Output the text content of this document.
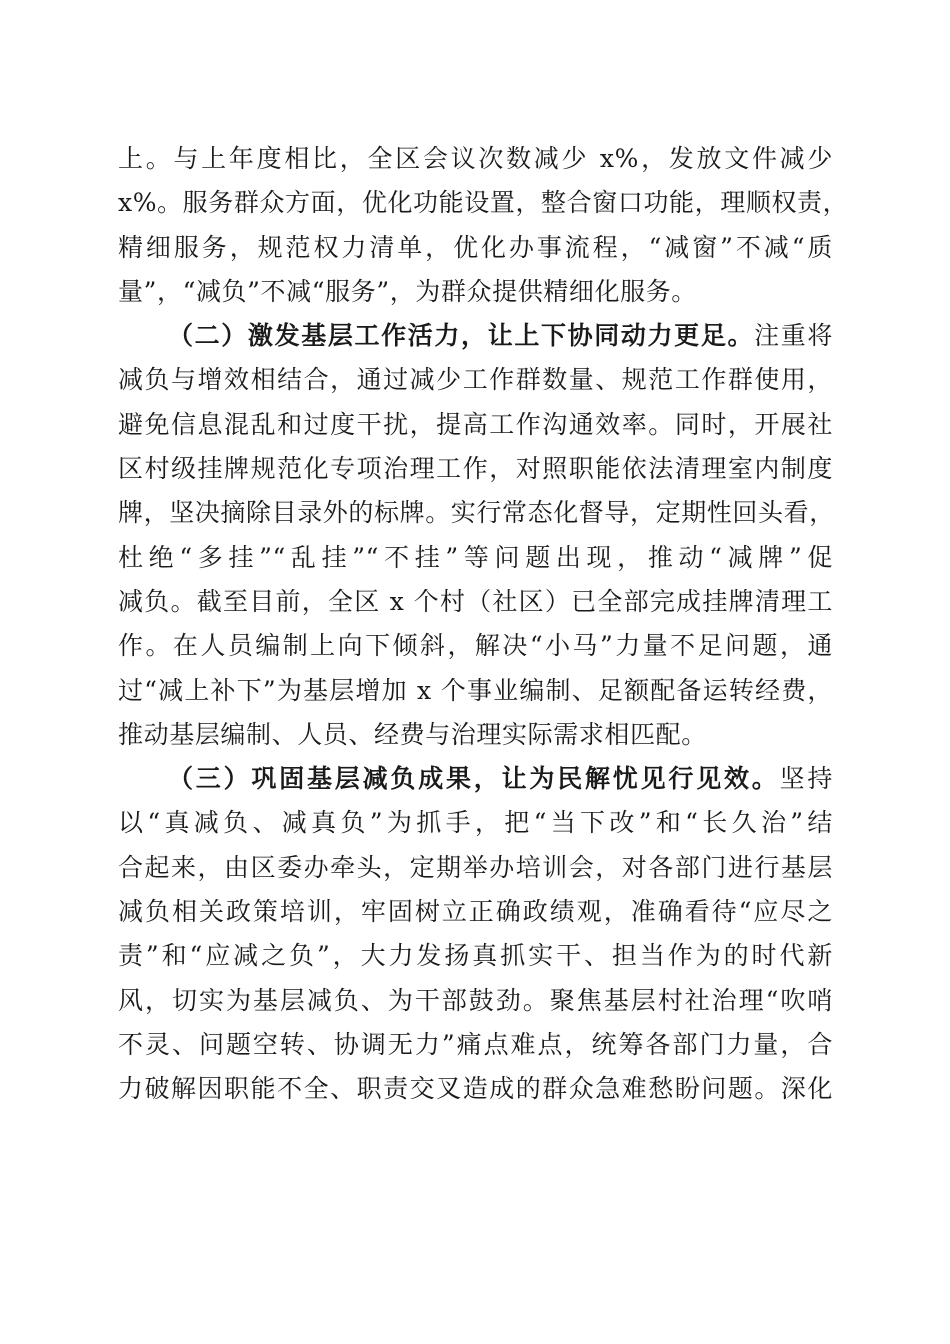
上。与上年度相比，全区会议次数减少 x%，发放文件减少
x%。服务群众方面，优化功能设置，整合窗口功能，理顺权责，
精细服务，规范权力清单，优化办事流程，“减窗”不减“质
量”，“减负”不减“服务”，为群众提供精细化服务。
（二）激发基层工作活力，让上下协同动力更足。注重将
减负与增效相结合，通过减少工作群数量、规范工作群使用，
避免信息混乱和过度干扰，提高工作沟通效率。同时，开展社
区村级挂牌规范化专项治理工作，对照职能依法清理室内制度
牌，坚决摘除目录外的标牌。实行常态化督导，定期性回头看，
杜绝“多挂”“乱挂”“不挂”等问题出现，推动“减牌”促
减负。截至目前，全区 x 个村（社区）已全部完成挂牌清理工
作。在人员编制上向下倾斜，解决“小马”力量不足问题，通
过“减上补下”为基层增加 x 个事业编制、足额配备运转经费，
推动基层编制、人员、经费与治理实际需求相匹配。
（三）巩固基层减负成果，让为民解忧见行见效。坚持
以“真减负、减真负”为抓手，把“当下改”和“长久治”结
合起来，由区委办牵头，定期举办培训会，对各部门进行基层
减负相关政策培训，牢固树立正确政绩观，准确看待“应尽之
责”和“应减之负”，大力发扬真抓实干、担当作为的时代新
风，切实为基层减负、为干部鼓劲。聚焦基层村社治理“吹哨
不灵、问题空转、协调无力”痛点难点，统筹各部门力量，合
力破解因职能不全、职责交叉造成的群众急难愁盼问题。深化
